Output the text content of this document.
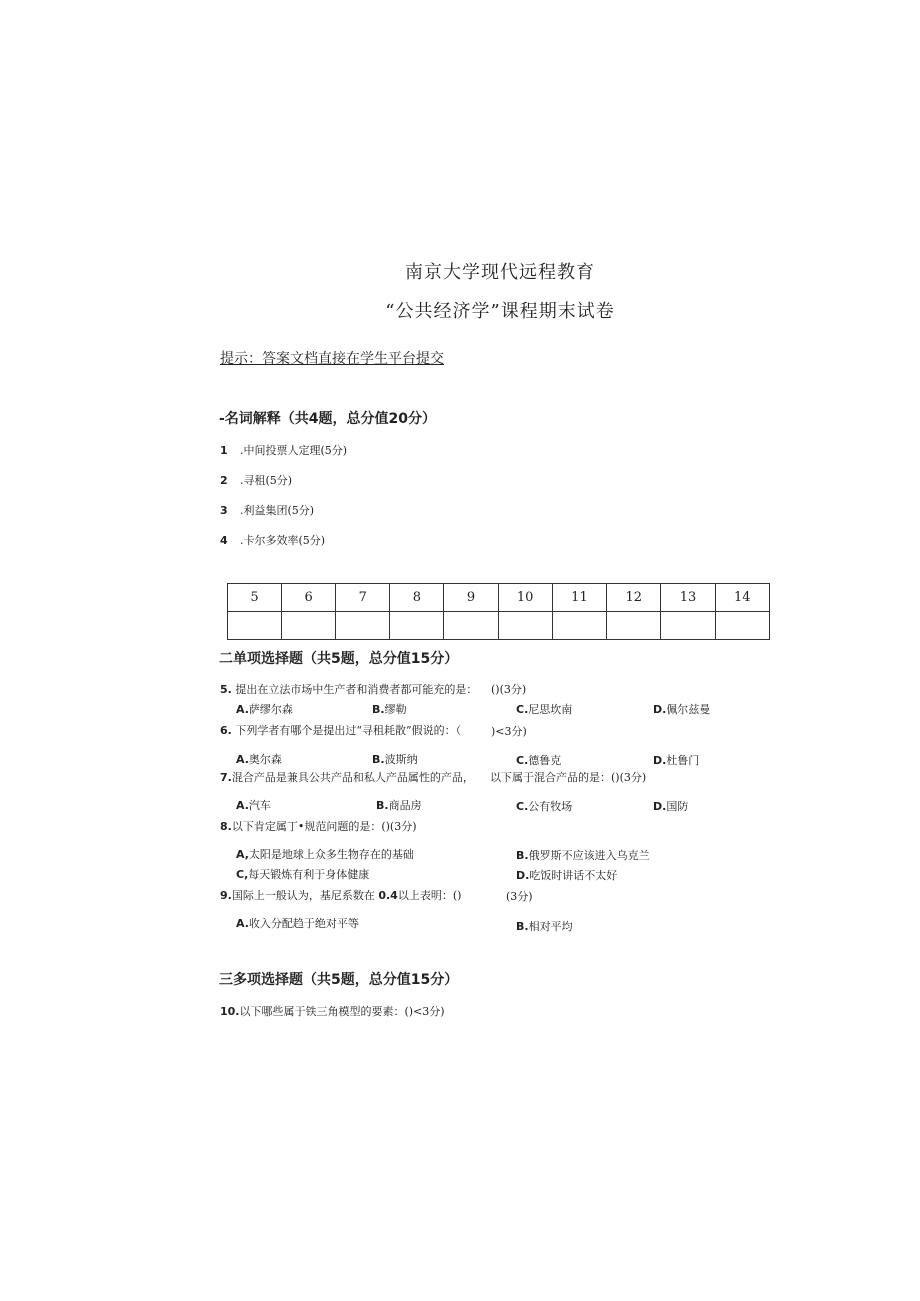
南京大学现代远程教育
“公共经济学”课程期末试卷
提示：答案文档直接在学生平台提交
-名词解释（共4题，总分值20分）
1 .中间投票人定理(5分)
2 .寻租(5分)
3 .利益集团(5分)
4 .卡尔多效率(5分)
5	6	7	8	9	10	11	12	13	14

二单项选择题（共5题，总分值15分）
5. 提出在立法市场中生产者和消费者都可能充的是： ()(3分)
A.萨缪尔森	B.缪勒	C.尼思坎南	D.佩尔兹曼
6. 下列学者有哪个是提出过“寻租耗散”假说的：（	)<3分)
A.奥尔森	B.波斯纳	C.德鲁克	D.杜鲁门
7.混合产品是兼具公共产品和私人产品属性的产品， 以下属于混合产品的是：()(3分)
A.汽车	B.商品房	C.公有牧场	D.国防
8.以下肯定属丁•规范问题的是：()(3分)
A,太阳是地球上众多生物存在的基础	B.俄罗斯不应该进入乌克兰
C,每天锻炼有利于身体健康	D.吃饭时讲话不太好
9.国际上一般认为，基尼系数在 0.4以上表明：()	(3分)
A.收入分配趋于绝对平等	B.相对平均
三多项选择题（共5题，总分值15分）
10.以下哪些属于铁三角模型的要素：()<3分)
